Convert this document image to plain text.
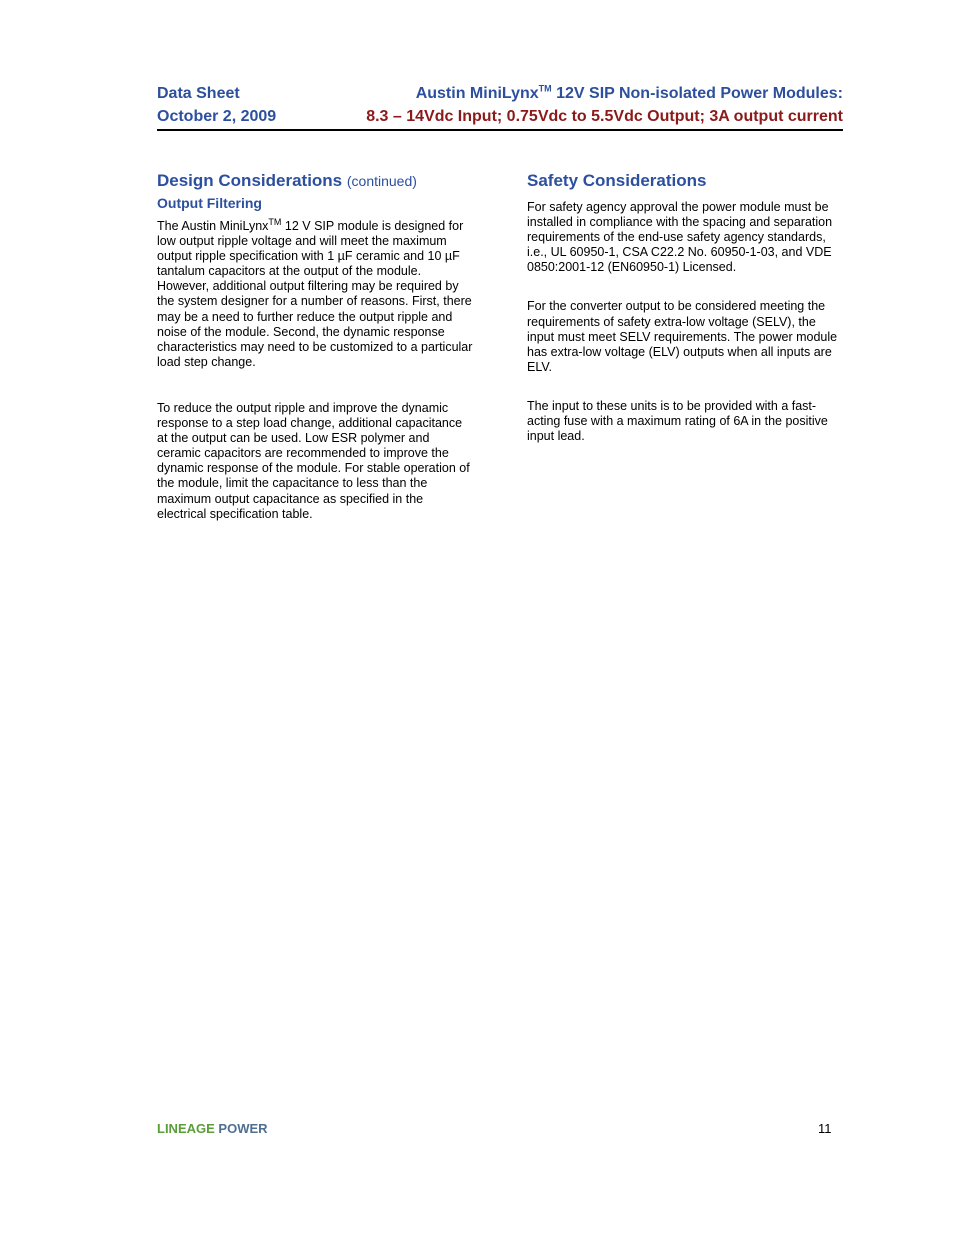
Data Sheet
October 2, 2009
Austin MiniLynx™ 12V SIP Non-isolated Power Modules:
8.3 – 14Vdc Input; 0.75Vdc to 5.5Vdc Output; 3A output current
Design Considerations (continued)
Output Filtering

The Austin MiniLynx™ 12 V SIP module is designed for low output ripple voltage and will meet the maximum output ripple specification with 1 µF ceramic and 10 µF tantalum capacitors at the output of the module. However, additional output filtering may be required by the system designer for a number of reasons. First, there may be a need to further reduce the output ripple and noise of the module. Second, the dynamic response characteristics may need to be customized to a particular load step change.

To reduce the output ripple and improve the dynamic response to a step load change, additional capacitance at the output can be used. Low ESR polymer and ceramic capacitors are recommended to improve the dynamic response of the module. For stable operation of the module, limit the capacitance to less than the maximum output capacitance as specified in the electrical specification table.

Safety Considerations

For safety agency approval the power module must be installed in compliance with the spacing and separation requirements of the end-use safety agency standards, i.e., UL 60950-1, CSA C22.2 No. 60950-1-03, and VDE 0850:2001-12 (EN60950-1) Licensed.

For the converter output to be considered meeting the requirements of safety extra-low voltage (SELV), the input must meet SELV requirements. The power module has extra-low voltage (ELV) outputs when all inputs are ELV.

The input to these units is to be provided with a fast-acting fuse with a maximum rating of 6A in the positive input lead.

LINEAGE POWER	11
